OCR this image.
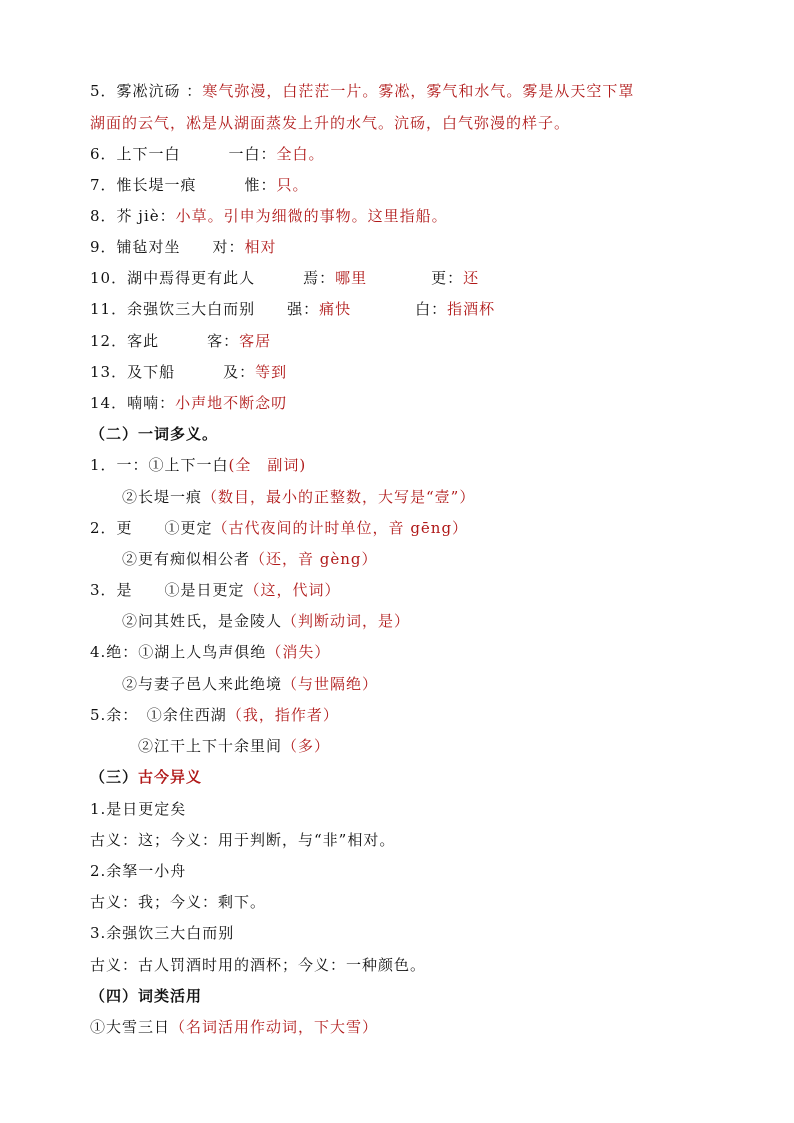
5．雾凇沆砀 ：寒气弥漫，白茫茫一片。雾凇，雾气和水气。雾是从天空下罩
湖面的云气，凇是从湖面蒸发上升的水气。沆砀，白气弥漫的样子。
6．上下一白　　　一白：全白。
7．惟长堤一痕　　　惟：只。
8．芥 jiè：小草。引申为细微的事物。这里指船。
9．铺毡对坐　　对：相对
10．湖中焉得更有此人　　　焉：哪里　　　　更：还
11．余强饮三大白而别　　强：痛快　　　　白：指酒杯
12．客此　　　客：客居
13．及下船　　　及：等到
14．喃喃：小声地不断念叨
（二）一词多义。
1．一：①上下一白(全　副词)
　　②长堤一痕（数目，最小的正整数，大写是“壹”）
2．更　　①更定（古代夜间的计时单位，音 gēng）
　　②更有痴似相公者（还，音 gèng）
3．是　　①是日更定（这，代词）
　　②问其姓氏，是金陵人（判断动词，是）
4.绝：①湖上人鸟声俱绝（消失）
　　②与妻子邑人来此绝境（与世隔绝）
5.余：　①余住西湖（我，指作者）
　　　②江干上下十余里间（多）
（三）古今异义
1.是日更定矣
古义：这；今义：用于判断，与“非”相对。
2.余拏一小舟
古义：我；今义：剩下。
3.余强饮三大白而别
古义：古人罚酒时用的酒杯；今义：一种颜色。
（四）词类活用
①大雪三日（名词活用作动词，下大雪）
